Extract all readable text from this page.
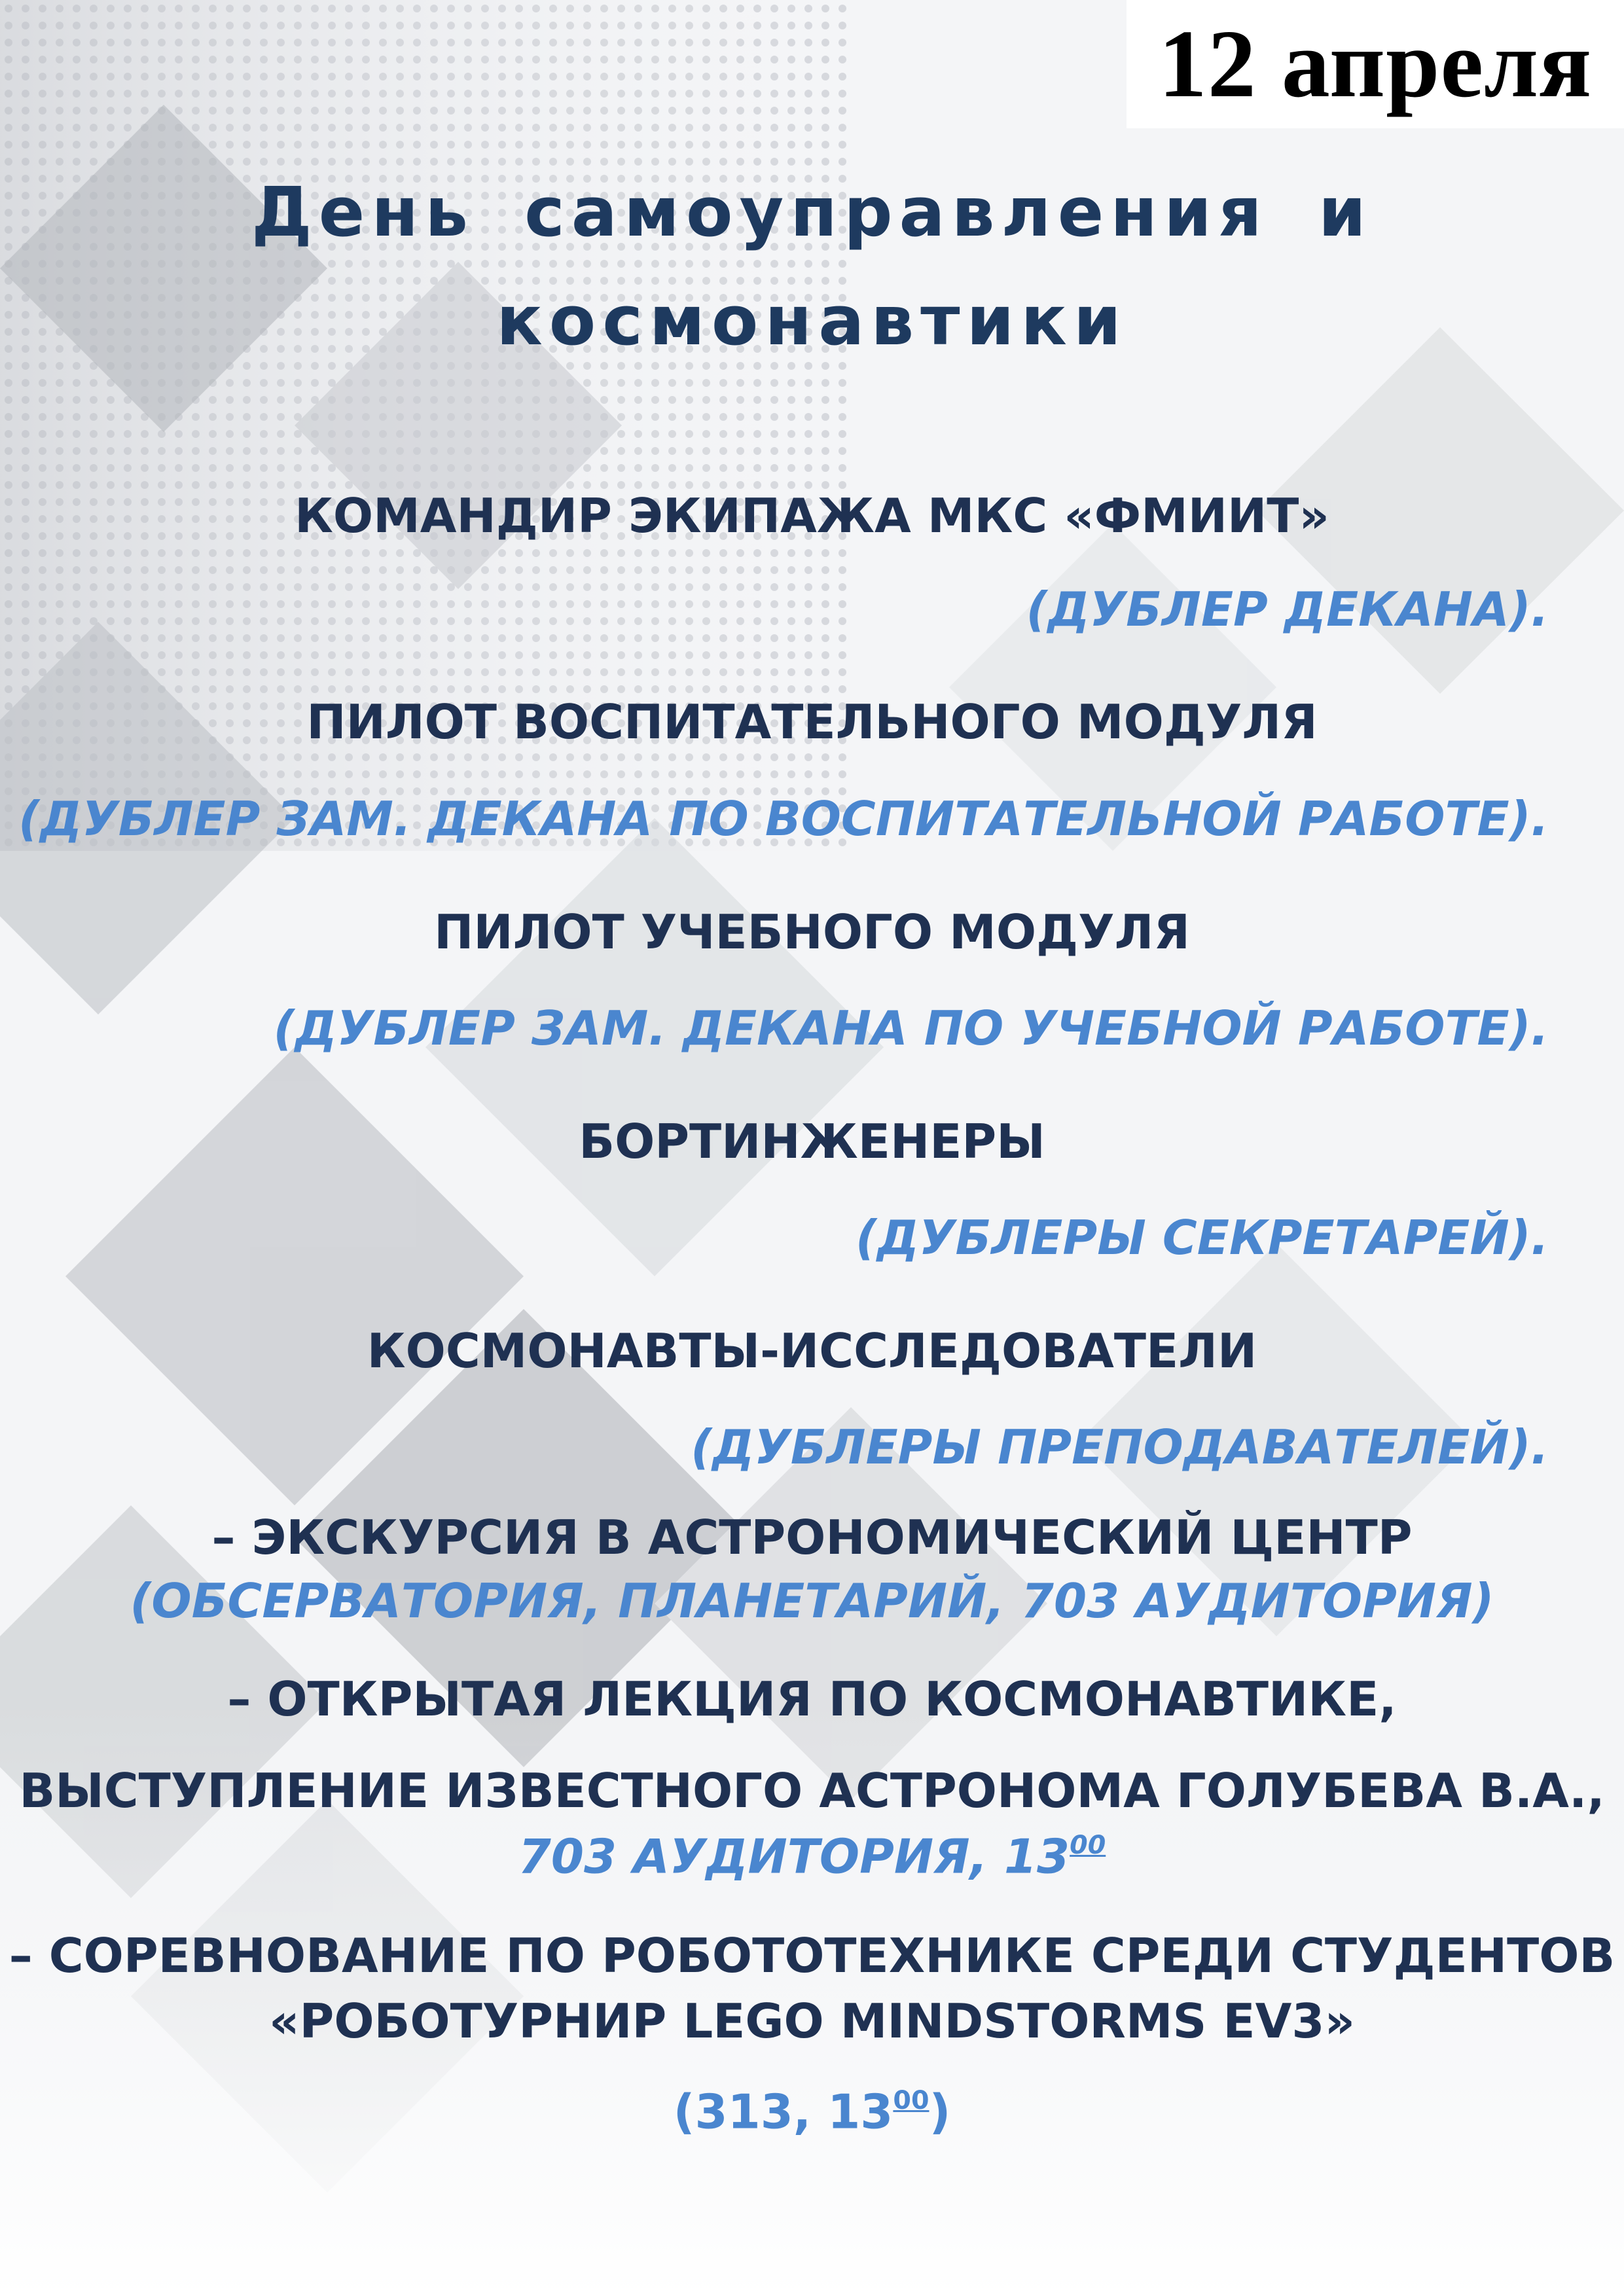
12 апреля
День самоуправления и
космонавтики
КОМАНДИР ЭКИПАЖА МКС «ФМИИТ»
(ДУБЛЕР ДЕКАНА).
ПИЛОТ ВОСПИТАТЕЛЬНОГО МОДУЛЯ
(ДУБЛЕР ЗАМ. ДЕКАНА ПО ВОСПИТАТЕЛЬНОЙ РАБОТЕ).
ПИЛОТ УЧЕБНОГО МОДУЛЯ
(ДУБЛЕР ЗАМ. ДЕКАНА ПО УЧЕБНОЙ РАБОТЕ).
БОРТИНЖЕНЕРЫ
(ДУБЛЕРЫ СЕКРЕТАРЕЙ).
КОСМОНАВТЫ-ИССЛЕДОВАТЕЛИ
(ДУБЛЕРЫ ПРЕПОДАВАТЕЛЕЙ).
– ЭКСКУРСИЯ В АСТРОНОМИЧЕСКИЙ ЦЕНТР
(ОБСЕРВАТОРИЯ, ПЛАНЕТАРИЙ, 703 АУДИТОРИЯ)
– ОТКРЫТАЯ ЛЕКЦИЯ ПО КОСМОНАВТИКЕ,
ВЫСТУПЛЕНИЕ ИЗВЕСТНОГО АСТРОНОМА ГОЛУБЕВА В.А.,
703 АУДИТОРИЯ, $13^{00}$
– СОРЕВНОВАНИЕ ПО РОБОТОТЕХНИКЕ СРЕДИ СТУДЕНТОВ
«РОБОТУРНИР LEGO MINDSTORMS EV3»
(313, $13^{00}$)
